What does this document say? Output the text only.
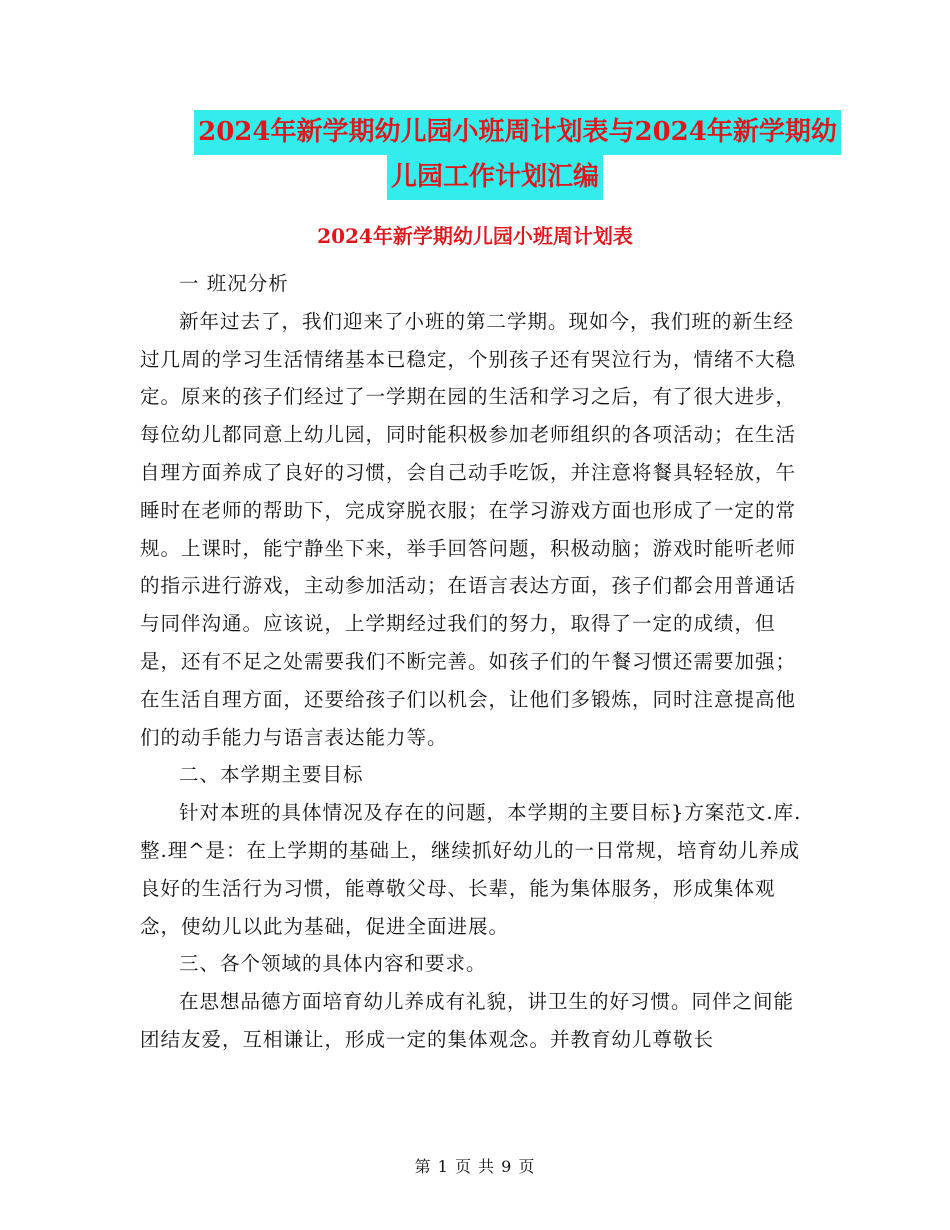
2024年新学期幼儿园小班周计划表与2024年新学期幼
儿园工作计划汇编
2024年新学期幼儿园小班周计划表

一 班况分析

新年过去了，我们迎来了小班的第二学期。现如今，我们班的新生经过几周的学习生活情绪基本已稳定，个别孩子还有哭泣行为，情绪不大稳定。原来的孩子们经过了一学期在园的生活和学习之后，有了很大进步，每位幼儿都同意上幼儿园，同时能积极参加老师组织的各项活动；在生活自理方面养成了良好的习惯，会自己动手吃饭，并注意将餐具轻轻放，午睡时在老师的帮助下，完成穿脱衣服；在学习游戏方面也形成了一定的常规。上课时，能宁静坐下来，举手回答问题，积极动脑；游戏时能听老师的指示进行游戏，主动参加活动；在语言表达方面，孩子们都会用普通话与同伴沟通。应该说，上学期经过我们的努力，取得了一定的成绩，但是，还有不足之处需要我们不断完善。如孩子们的午餐习惯还需要加强；在生活自理方面，还要给孩子们以机会，让他们多锻炼，同时注意提高他们的动手能力与语言表达能力等。

二、本学期主要目标

针对本班的具体情况及存在的问题，本学期的主要目标}方案范文.库.整.理^是：在上学期的基础上，继续抓好幼儿的一日常规，培育幼儿养成良好的生活行为习惯，能尊敬父母、长辈，能为集体服务，形成集体观念，使幼儿以此为基础，促进全面进展。

三、各个领域的具体内容和要求。

在思想品德方面培育幼儿养成有礼貌，讲卫生的好习惯。同伴之间能团结友爱，互相谦让，形成一定的集体观念。并教育幼儿尊敬长

第 1 页 共 9 页
